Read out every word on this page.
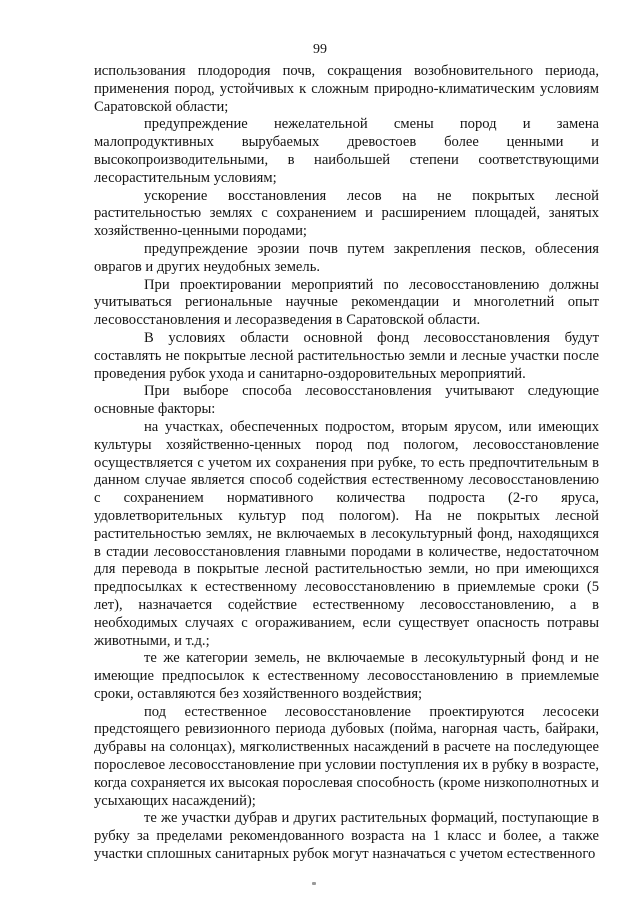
99

использования плодородия почв, сокращения возобновительного периода, применения пород, устойчивых к сложным природно-климатическим условиям Саратовской области;

предупреждение нежелательной смены пород и замена малопродуктивных вырубаемых древостоев более ценными и высокопроизводительными, в наибольшей степени соответствующими лесорастительным условиям;

ускорение восстановления лесов на не покрытых лесной растительностью землях с сохранением и расширением площадей, занятых хозяйственно-ценными породами;

предупреждение эрозии почв путем закрепления песков, облесения оврагов и других неудобных земель.

При проектировании мероприятий по лесовосстановлению должны учитываться региональные научные рекомендации и многолетний опыт лесовосстановления и лесоразведения в Саратовской области.

В условиях области основной фонд лесовосстановления будут составлять не покрытые лесной растительностью земли и лесные участки после проведения рубок ухода и санитарно-оздоровительных мероприятий.

При выборе способа лесовосстановления учитывают следующие основные факторы:

на участках, обеспеченных подростом, вторым ярусом, или имеющих культуры хозяйственно-ценных пород под пологом, лесовосстановление осуществляется с учетом их сохранения при рубке, то есть предпочтительным в данном случае является способ содействия естественному лесовосстановлению с сохранением нормативного количества подроста (2-го яруса, удовлетворительных культур под пологом). На не покрытых лесной растительностью землях, не включаемых в лесокультурный фонд, находящихся в стадии лесовосстановления главными породами в количестве, недостаточном для перевода в покрытые лесной растительностью земли, но при имеющихся предпосылках к естественному лесовосстановлению в приемлемые сроки (5 лет), назначается содействие естественному лесовосстановлению, а в необходимых случаях с огораживанием, если существует опасность потравы животными, и т.д.;

те же категории земель, не включаемые в лесокультурный фонд и не имеющие предпосылок к естественному лесовосстановлению в приемлемые сроки, оставляются без хозяйственного воздействия;

под естественное лесовосстановление проектируются лесосеки предстоящего ревизионного периода дубовых (пойма, нагорная часть, байраки, дубравы на солонцах), мягколиственных насаждений в расчете на последующее порослевое лесовосстановление при условии поступления их в рубку в возрасте, когда сохраняется их высокая порослевая способность (кроме низкополнотных и усыхающих насаждений);

те же участки дубрав и других растительных формаций, поступающие в рубку за пределами рекомендованного возраста на 1 класс и более, а также участки сплошных санитарных рубок могут назначаться с учетом естественного
